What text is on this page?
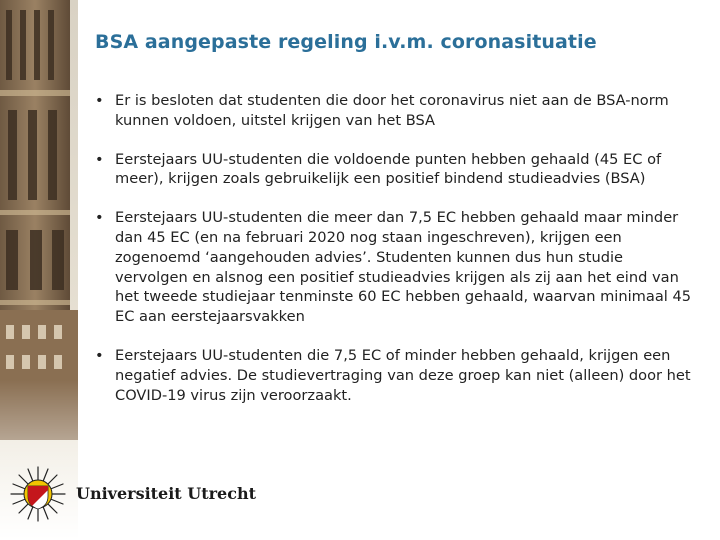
BSA aangepaste regeling i.v.m. coronasituatie
• Er is besloten dat studenten die door het coronavirus niet aan de BSA-norm kunnen voldoen, uitstel krijgen van het BSA
• Eerstejaars UU-studenten die voldoende punten hebben gehaald (45 EC of meer), krijgen zoals gebruikelijk een positief bindend studieadvies (BSA)
• Eerstejaars UU-studenten die meer dan 7,5 EC hebben gehaald maar minder dan 45 EC (en na februari 2020 nog staan ingeschreven), krijgen een zogenoemd ‘aangehouden advies’. Studenten kunnen dus hun studie vervolgen en alsnog een positief studieadvies krijgen als zij aan het eind van het tweede studiejaar tenminste 60 EC hebben gehaald, waarvan minimaal 45 EC aan eerstejaarsvakken
• Eerstejaars UU-studenten die 7,5 EC of minder hebben gehaald, krijgen een negatief advies. De studievertraging van deze groep kan niet (alleen) door het COVID-19 virus zijn veroorzaakt.
Universiteit Utrecht
